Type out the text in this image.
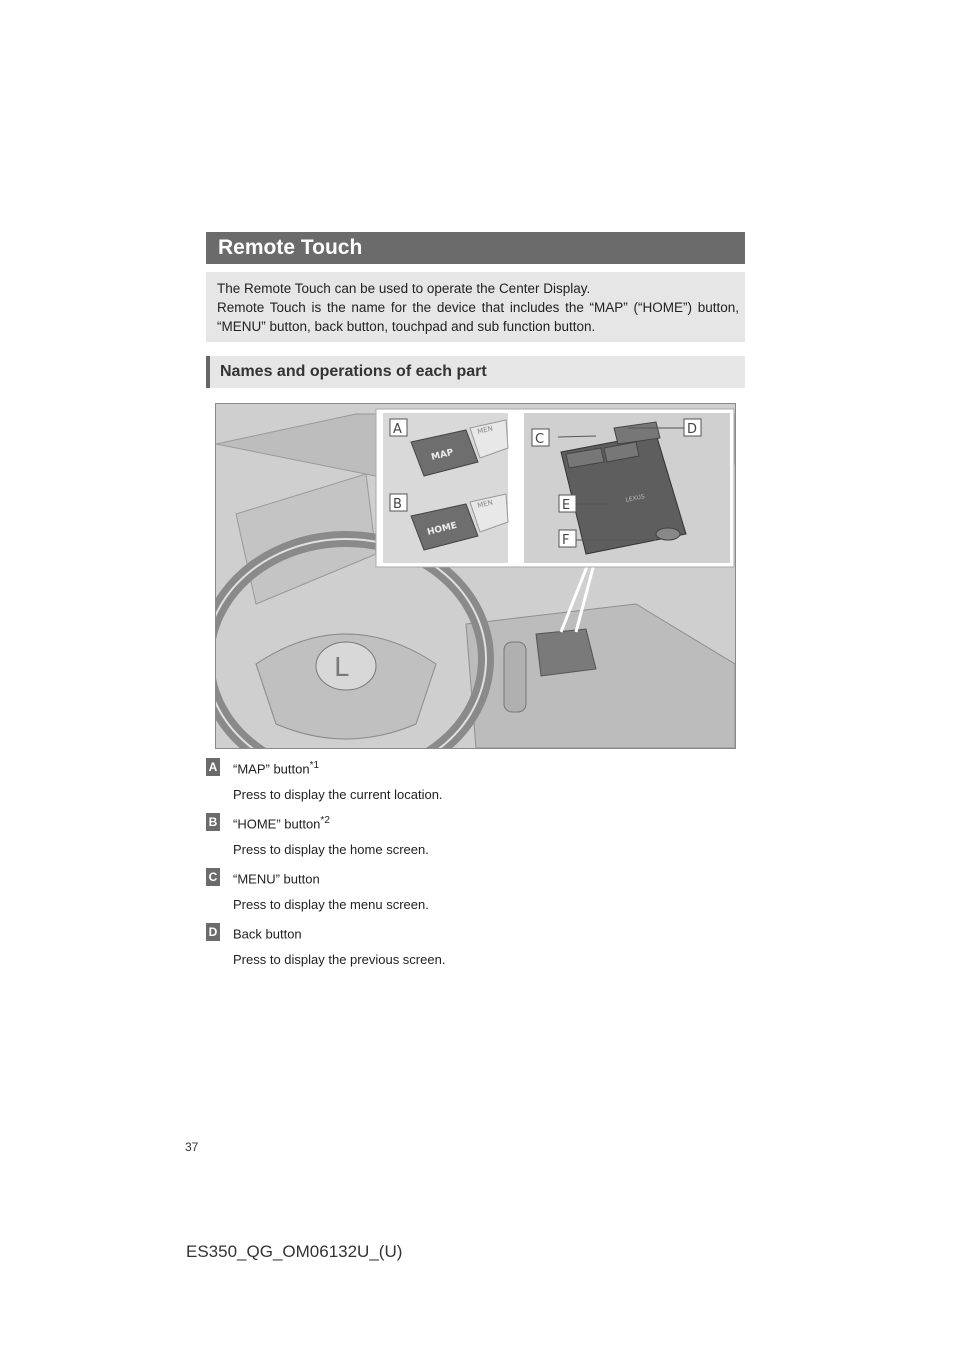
Remote Touch

The Remote Touch can be used to operate the Center Display.

Remote Touch is the name for the device that includes the “MAP” (“HOME”) button, “MENU” button, back button, touchpad and sub function button.

Names and operations of each part
L
MAP
MEN
HOME
MEN	LEXUS
A
B
C
D
E
F
A “MAP” button$^{*1}$
Press to display the current location.
B “HOME” button$^{*2}$
Press to display the home screen.
C “MENU” button
Press to display the menu screen.
D Back button
Press to display the previous screen.
37
ES350_QG_OM06132U_(U)
